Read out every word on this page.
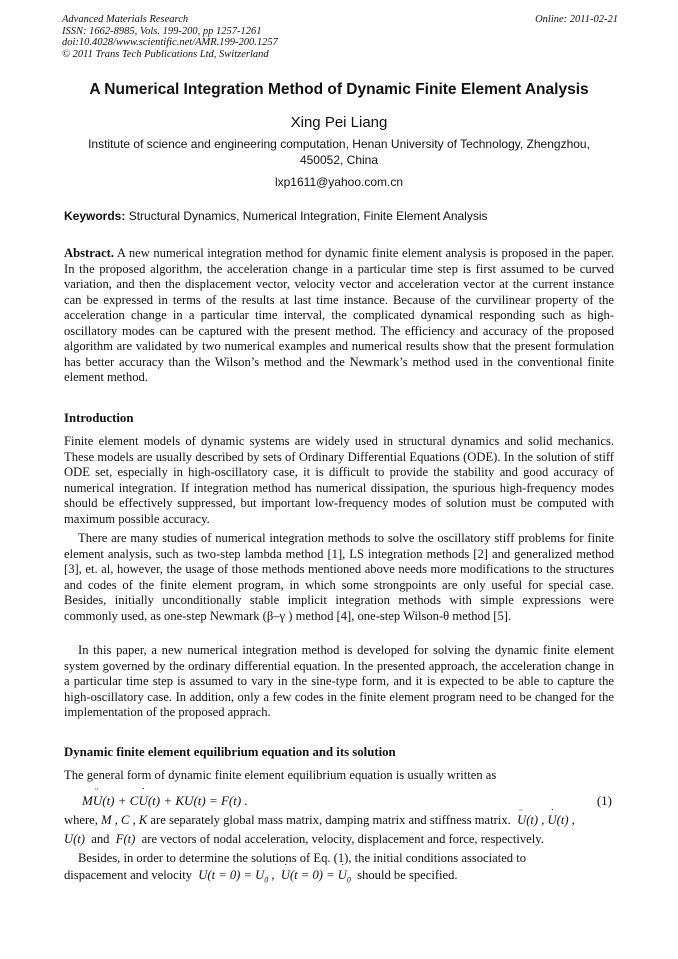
Advanced Materials Research
ISSN: 1662-8985, Vols. 199-200, pp 1257-1261
doi:10.4028/www.scientific.net/AMR.199-200.1257
© 2011 Trans Tech Publications Ltd, Switzerland
Online: 2011-02-21
A Numerical Integration Method of Dynamic Finite Element Analysis
Xing Pei Liang
Institute of science and engineering computation, Henan University of Technology, Zhengzhou, 450052, China
lxp1611@yahoo.com.cn
Keywords: Structural Dynamics, Numerical Integration, Finite Element Analysis
Abstract. A new numerical integration method for dynamic finite element analysis is proposed in the paper. In the proposed algorithm, the acceleration change in a particular time step is first assumed to be curved variation, and then the displacement vector, velocity vector and acceleration vector at the current instance can be expressed in terms of the results at last time instance. Because of the curvilinear property of the acceleration change in a particular time interval, the complicated dynamical responding such as high-oscillatory modes can be captured with the present method. The efficiency and accuracy of the proposed algorithm are validated by two numerical examples and numerical results show that the present formulation has better accuracy than the Wilson’s method and the Newmark’s method used in the conventional finite element method.
Introduction
Finite element models of dynamic systems are widely used in structural dynamics and solid mechanics. These models are usually described by sets of Ordinary Differential Equations (ODE). In the solution of stiff ODE set, especially in high-oscillatory case, it is difficult to provide the stability and good accuracy of numerical integration. If integration method has numerical dissipation, the spurious high-frequency modes should be effectively suppressed, but important low-frequency modes of solution must be computed with maximum possible accuracy.
There are many studies of numerical integration methods to solve the oscillatory stiff problems for finite element analysis, such as two-step lambda method [1], LS integration methods [2] and generalized method [3], et. al, however, the usage of those methods mentioned above needs more modifications to the structures and codes of the finite element program, in which some strongpoints are only useful for special case. Besides, initially unconditionally stable implicit integration methods with simple expressions were commonly used, as one-step Newmark (β–γ ) method [4], one-step Wilson-θ method [5].
In this paper, a new numerical integration method is developed for solving the dynamic finite element system governed by the ordinary differential equation. In the presented approach, the acceleration change in a particular time step is assumed to vary in the sine-type form, and it is expected to be able to capture the high-oscillatory case. In addition, only a few codes in the finite element program need to be changed for the implementation of the proposed apprach.
Dynamic finite element equilibrium equation and its solution
The general form of dynamic finite element equilibrium equation is usually written as
M¨ U(t) + C˙ U(t) + KU(t) = F(t) .	(1)
where, M , C , K are separately global mass matrix, damping matrix and stiffness matrix.  ¨ U(t) , ˙ U(t) ,
U(t)  and  F(t) are vectors of nodal acceleration, velocity, displacement and force, respectively.
Besides, in order to determine the solutions of Eq. (1), the initial conditions associated to
dispacement and velocity  $U(t = 0) = U_0$ ,  ˙ U(t = 0) = ˙ $U_0$ should be specified.
